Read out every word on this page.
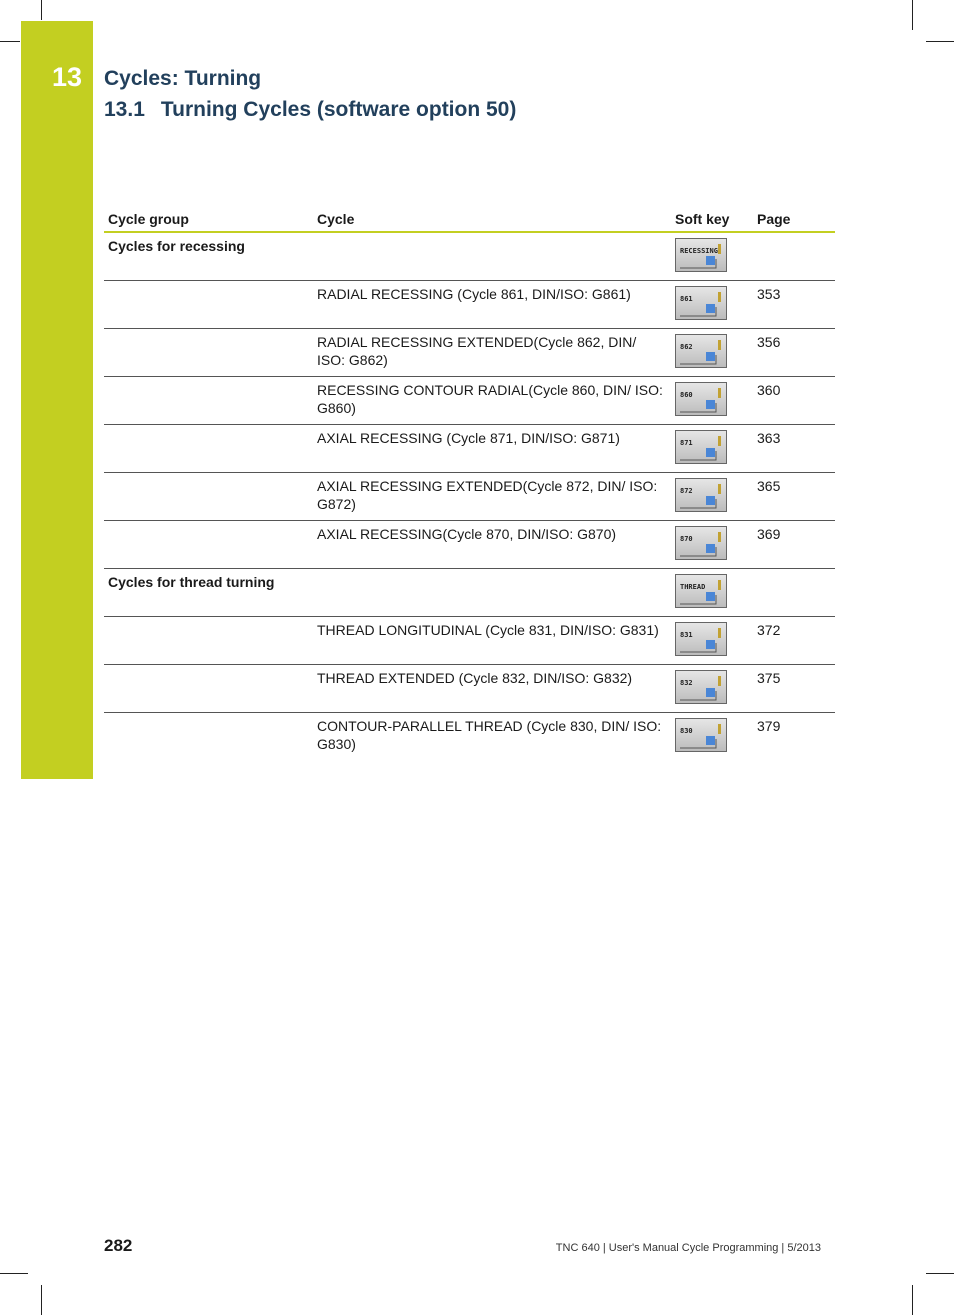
13	Cycles: Turning
13.1 Turning Cycles (software option 50)
Cycle group	Cycle	Soft key	Page
Cycles for recessing		RECESSING	

	RADIAL RECESSING (Cycle 861, DIN/ISO: G861)	861	353
	RADIAL RECESSING EXTENDED(Cycle 862, DIN/ ISO: G862)	862	356
	RECESSING CONTOUR RADIAL(Cycle 860, DIN/ ISO: G860)	860	360
	AXIAL RECESSING (Cycle 871, DIN/ISO: G871)	871	363
	AXIAL RECESSING EXTENDED(Cycle 872, DIN/ ISO: G872)	872	365
	AXIAL RECESSING(Cycle 870, DIN/ISO: G870)	870	369
Cycles for thread turning		THREAD	

	THREAD LONGITUDINAL (Cycle 831, DIN/ISO: G831)	831	372
	THREAD EXTENDED (Cycle 832, DIN/ISO: G832)	832	375
	CONTOUR-PARALLEL THREAD (Cycle 830, DIN/ ISO: G830)	830	379
282	TNC 640 | User's Manual Cycle Programming | 5/2013
